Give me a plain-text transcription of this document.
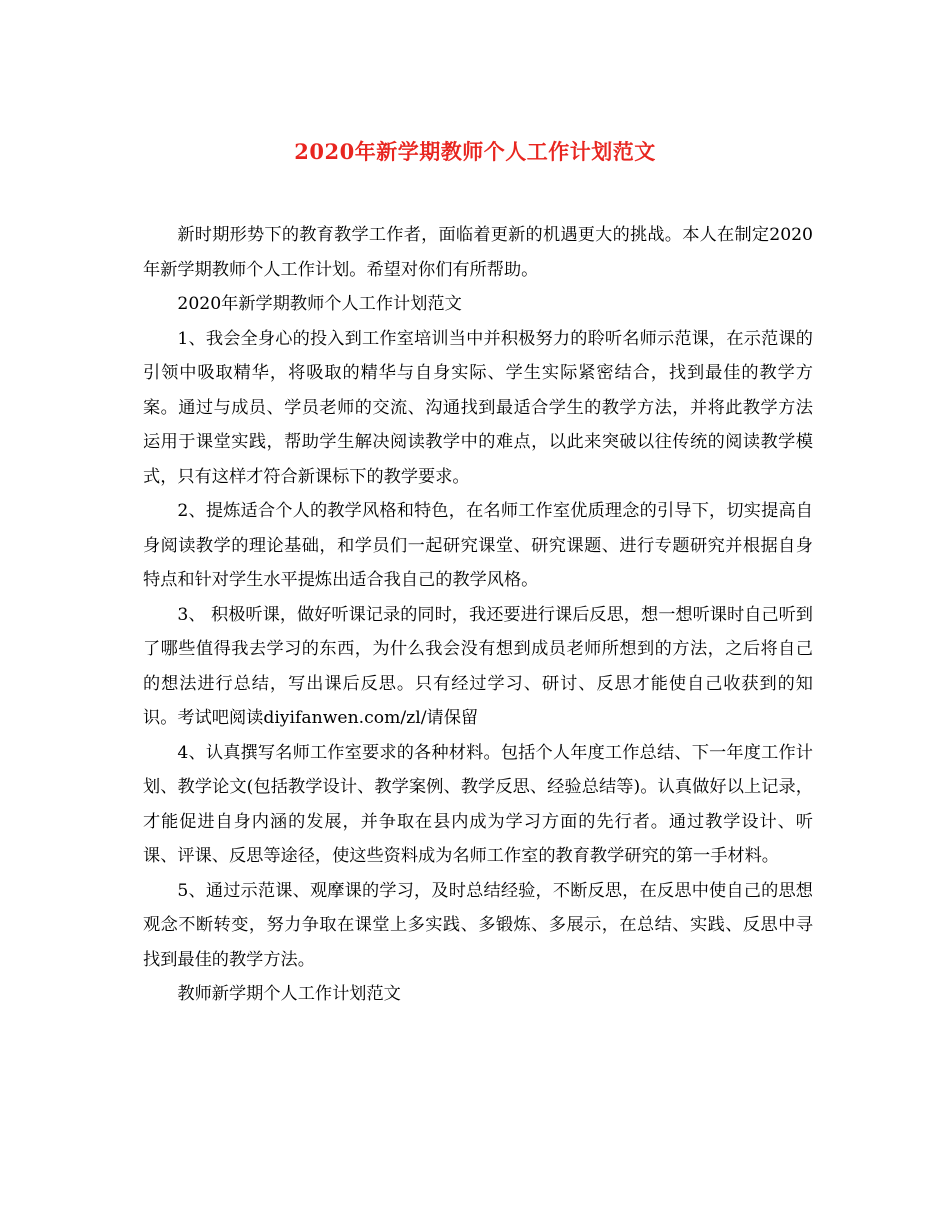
2020年新学期教师个人工作计划范文

新时期形势下的教育教学工作者，面临着更新的机遇更大的挑战。本人在制定2020年新学期教师个人工作计划。希望对你们有所帮助。

2020年新学期教师个人工作计划范文

1、我会全身心的投入到工作室培训当中并积极努力的聆听名师示范课，在示范课的引领中吸取精华，将吸取的精华与自身实际、学生实际紧密结合，找到最佳的教学方案。通过与成员、学员老师的交流、沟通找到最适合学生的教学方法，并将此教学方法运用于课堂实践，帮助学生解决阅读教学中的难点，以此来突破以往传统的阅读教学模式，只有这样才符合新课标下的教学要求。

2、提炼适合个人的教学风格和特色，在名师工作室优质理念的引导下，切实提高自身阅读教学的理论基础，和学员们一起研究课堂、研究课题、进行专题研究并根据自身特点和针对学生水平提炼出适合我自己的教学风格。

3、 积极听课，做好听课记录的同时，我还要进行课后反思，想一想听课时自己听到了哪些值得我去学习的东西，为什么我会没有想到成员老师所想到的方法，之后将自己的想法进行总结，写出课后反思。只有经过学习、研讨、反思才能使自己收获到的知识。考试吧阅读diyifanwen.com/zl/请保留

4、认真撰写名师工作室要求的各种材料。包括个人年度工作总结、下一年度工作计划、教学论文(包括教学设计、教学案例、教学反思、经验总结等)。认真做好以上记录，才能促进自身内涵的发展，并争取在县内成为学习方面的先行者。通过教学设计、听课、评课、反思等途径，使这些资料成为名师工作室的教育教学研究的第一手材料。

5、通过示范课、观摩课的学习，及时总结经验，不断反思，在反思中使自己的思想观念不断转变，努力争取在课堂上多实践、多锻炼、多展示，在总结、实践、反思中寻找到最佳的教学方法。

教师新学期个人工作计划范文
